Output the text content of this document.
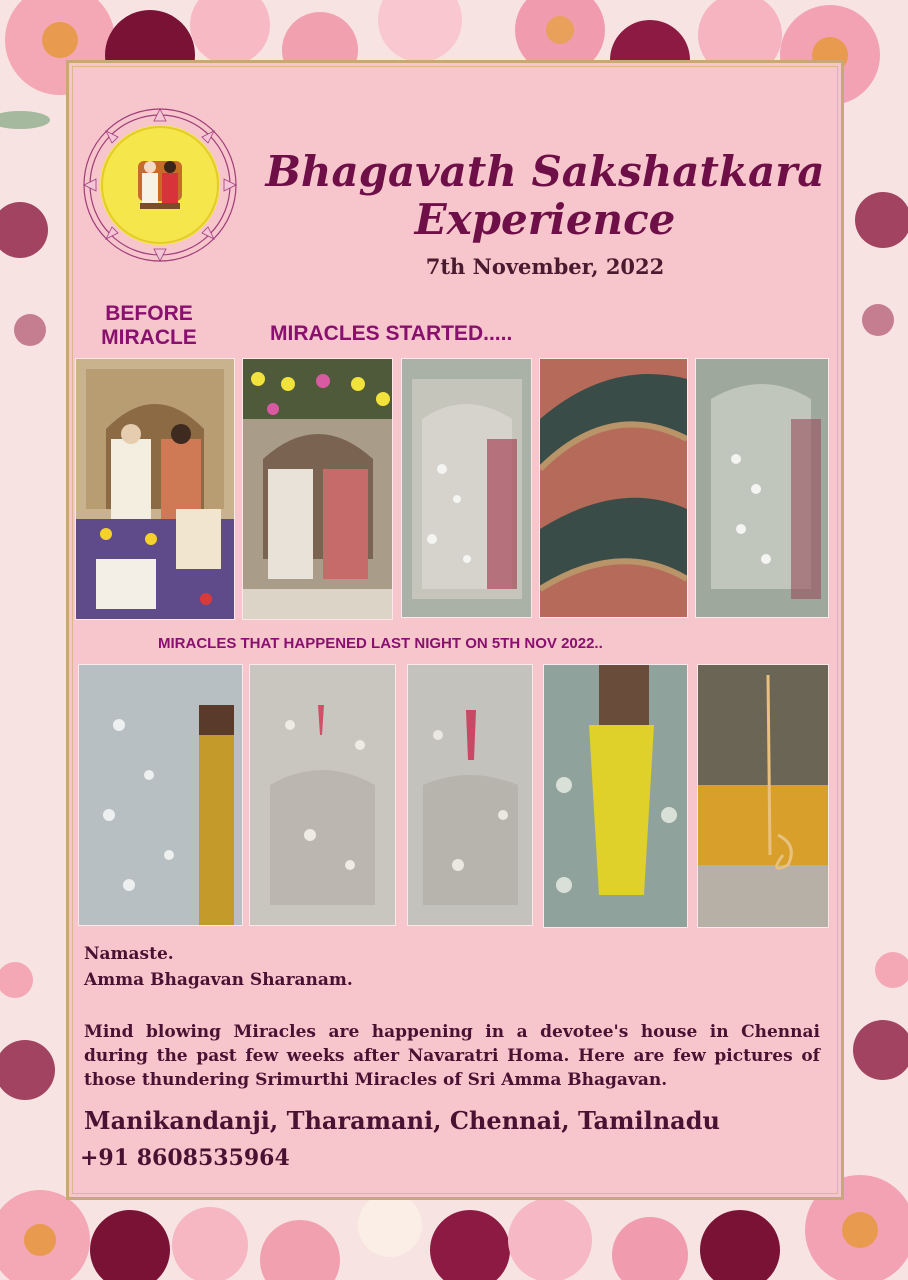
Bhagavath Sakshatkara
Experience
7th November, 2022
BEFORE
MIRACLE	MIRACLES STARTED.....
MIRACLES THAT HAPPENED LAST NIGHT ON 5TH NOV 2022..
Namaste.
Amma Bhagavan Sharanam.
Mind blowing Miracles are happening in a devotee's house in Chennai during the past few weeks after Navaratri Homa. Here are few pictures of those thundering Srimurthi Miracles of Sri Amma Bhagavan.
Manikandanji, Tharamani, Chennai, Tamilnadu
+91 8608535964
